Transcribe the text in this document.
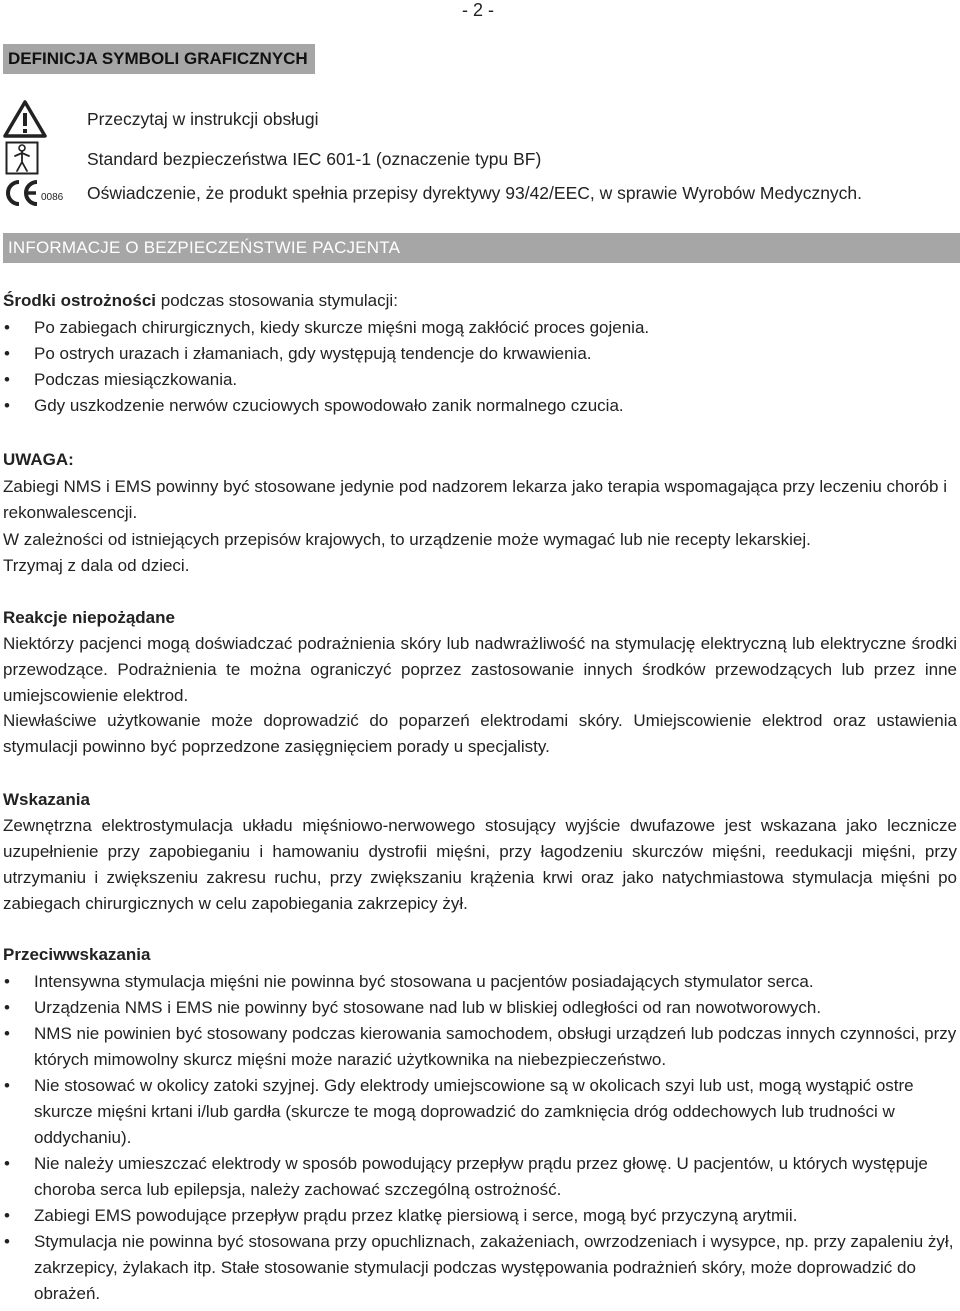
- 2 -
DEFINICJA SYMBOLI GRAFICZNYCH
0086
Przeczytaj w instrukcji obsługi
Standard bezpieczeństwa IEC 601-1 (oznaczenie typu BF)
Oświadczenie, że produkt spełnia przepisy dyrektywy 93/42/EEC, w sprawie Wyrobów Medycznych.
INFORMACJE O BEZPIECZEŃSTWIE PACJENTA
Środki ostrożności podczas stosowania stymulacji:
• Po zabiegach chirurgicznych, kiedy skurcze mięśni mogą zakłócić proces gojenia.
• Po ostrych urazach i złamaniach, gdy występują tendencje do krwawienia.
• Podczas miesiączkowania.
• Gdy uszkodzenie nerwów czuciowych spowodowało zanik normalnego czucia.
UWAGA:
Zabiegi NMS i EMS powinny być stosowane jedynie pod nadzorem lekarza jako terapia wspomagająca przy leczeniu chorób i rekonwalescencji.
W zależności od istniejących przepisów krajowych, to urządzenie może wymagać lub nie recepty lekarskiej.
Trzymaj z dala od dzieci.
Reakcje niepożądane
Niektórzy pacjenci mogą doświadczać podrażnienia skóry lub nadwrażliwość na stymulację elektryczną lub elektryczne środki przewodzące. Podrażnienia te można ograniczyć poprzez zastosowanie innych środków przewodzących lub przez inne umiejscowienie elektrod.
Niewłaściwe użytkowanie może doprowadzić do poparzeń elektrodami skóry. Umiejscowienie elektrod oraz ustawienia stymulacji powinno być poprzedzone zasięgnięciem porady u specjalisty.
Wskazania
Zewnętrzna elektrostymulacja układu mięśniowo-nerwowego stosujący wyjście dwufazowe jest wskazana jako lecznicze uzupełnienie przy zapobieganiu i hamowaniu dystrofii mięśni, przy łagodzeniu skurczów mięśni, reedukacji mięśni, przy utrzymaniu i zwiększeniu zakresu ruchu, przy zwiększaniu krążenia krwi oraz jako natychmiastowa stymulacja mięśni po zabiegach chirurgicznych w celu zapobiegania zakrzepicy żył.
Przeciwwskazania
• Intensywna stymulacja mięśni nie powinna być stosowana u pacjentów posiadających stymulator serca.
• Urządzenia NMS i EMS nie powinny być stosowane nad lub w bliskiej odległości od ran nowotworowych.
• NMS nie powinien być stosowany podczas kierowania samochodem, obsługi urządzeń lub podczas innych czynności, przy których mimowolny skurcz mięśni może narazić użytkownika na niebezpieczeństwo.
• Nie stosować w okolicy zatoki szyjnej. Gdy elektrody umiejscowione są w okolicach szyi lub ust, mogą wystąpić ostre skurcze mięśni krtani i/lub gardła (skurcze te mogą doprowadzić do zamknięcia dróg oddechowych lub trudności w oddychaniu).
• Nie należy umieszczać elektrody w sposób powodujący przepływ prądu przez głowę. U pacjentów, u których występuje choroba serca lub epilepsja, należy zachować szczególną ostrożność.
• Zabiegi EMS powodujące przepływ prądu przez klatkę piersiową i serce, mogą być przyczyną arytmii.
• Stymulacja nie powinna być stosowana przy opuchliznach, zakażeniach, owrzodzeniach i wysypce, np. przy zapaleniu żył, zakrzepicy, żylakach itp. Stałe stosowanie stymulacji podczas występowania podrażnień skóry, może doprowadzić do obrażeń.
